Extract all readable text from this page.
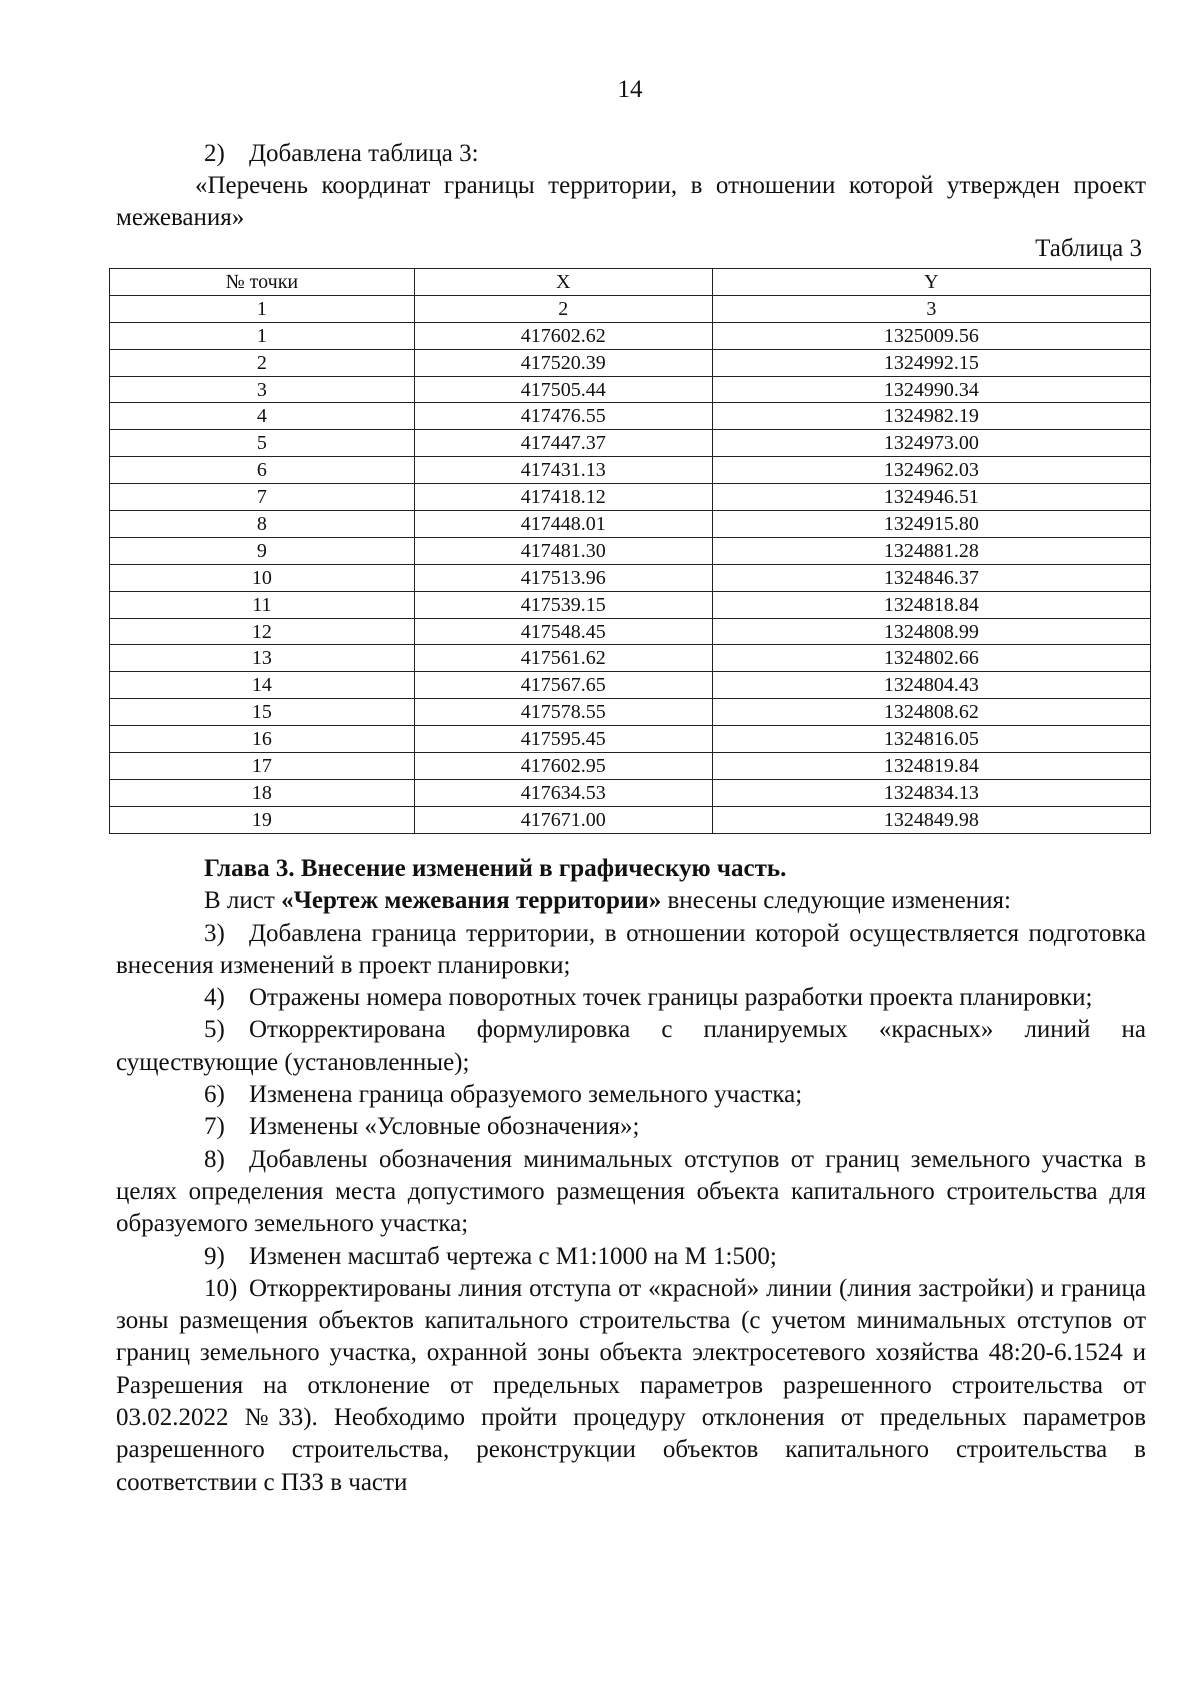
14

2) Добавлена таблица 3:

«Перечень координат границы территории, в отношении которой утвержден проект межевания»

Таблица 3

№ точки	X	Y
1	2	3
1	417602.62	1325009.56
2	417520.39	1324992.15
3	417505.44	1324990.34
4	417476.55	1324982.19
5	417447.37	1324973.00
6	417431.13	1324962.03
7	417418.12	1324946.51
8	417448.01	1324915.80
9	417481.30	1324881.28
10	417513.96	1324846.37
11	417539.15	1324818.84
12	417548.45	1324808.99
13	417561.62	1324802.66
14	417567.65	1324804.43
15	417578.55	1324808.62
16	417595.45	1324816.05
17	417602.95	1324819.84
18	417634.53	1324834.13
19	417671.00	1324849.98

Глава 3. Внесение изменений в графическую часть.

В лист «Чертеж межевания территории» внесены следующие изменения:

3) Добавлена граница территории, в отношении которой осуществляется подготовка внесения изменений в проект планировки;

4) Отражены номера поворотных точек границы разработки проекта планировки;

5) Откорректирована формулировка с планируемых «красных» линий на существующие (установленные);

6) Изменена граница образуемого земельного участка;

7) Изменены «Условные обозначения»;

8) Добавлены обозначения минимальных отступов от границ земельного участка в целях определения места допустимого размещения объекта капитального строительства для образуемого земельного участка;

9) Изменен масштаб чертежа с М1:1000 на М 1:500;

10) Откорректированы линия отступа от «красной» линии (линия застройки) и граница зоны размещения объектов капитального строительства (с учетом минимальных отступов от границ земельного участка, охранной зоны объекта электросетевого хозяйства 48:20-6.1524 и Разрешения на отклонение от предельных параметров разрешенного строительства от 03.02.2022 №33). Необходимо пройти процедуру отклонения от предельных параметров разрешенного строительства, реконструкции объектов капитального строительства в соответствии с ПЗЗ в части
